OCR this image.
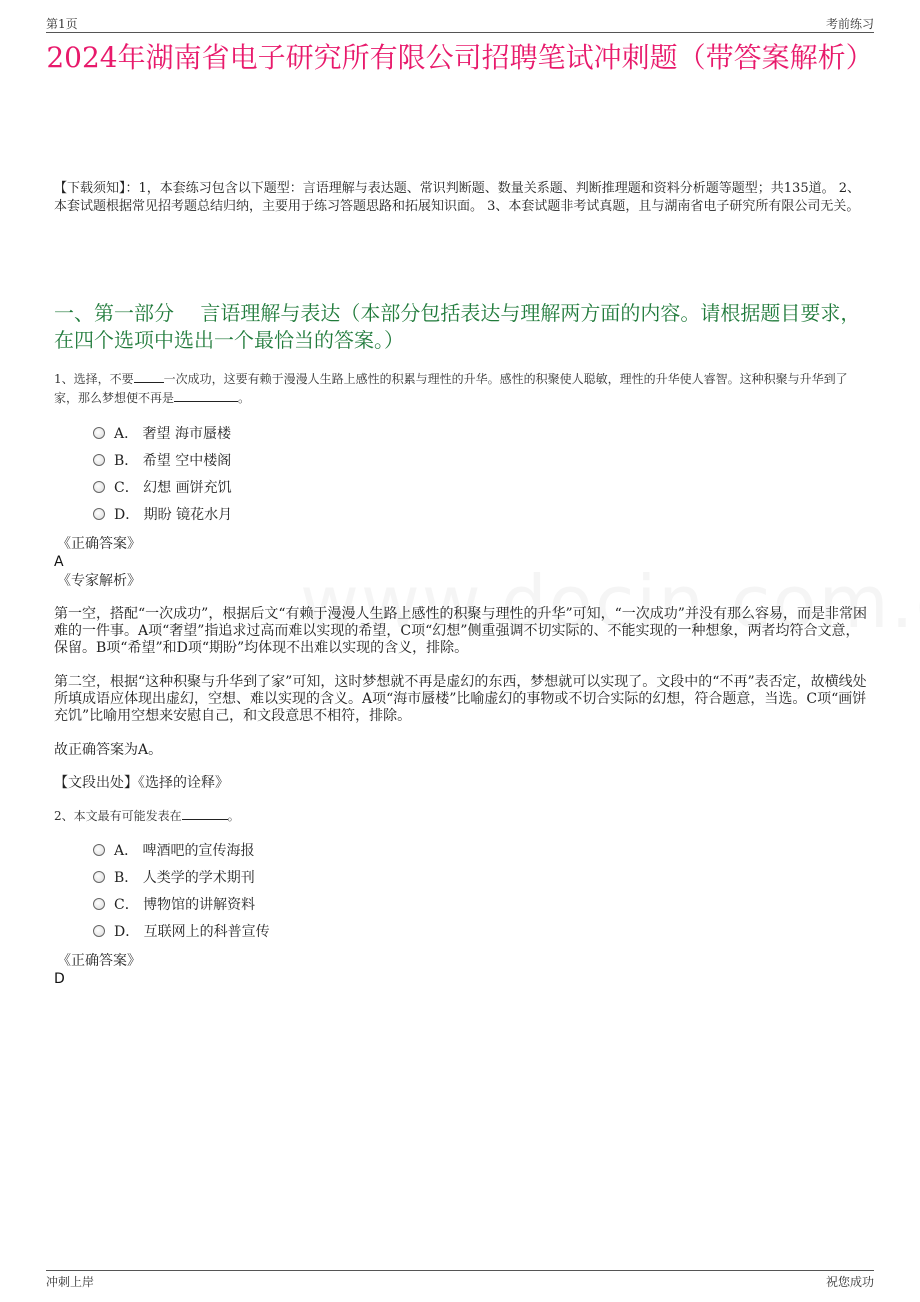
第1页	考前练习
2024年湖南省电子研究所有限公司招聘笔试冲刺题（带答案解析）
【下载须知】：1，本套练习包含以下题型：言语理解与表达题、常识判断题、数量关系题、判断推理题和资料分析题等题型；共135道。 2、本套试题根据常见招考题总结归纳，主要用于练习答题思路和拓展知识面。 3、本套试题非考试真题，且与湖南省电子研究所有限公司无关。
一、第一部分　 言语理解与表达（本部分包括表达与理解两方面的内容。请根据题目要求，在四个选项中选出一个最恰当的答案。）
1、选择，不要	一次成功，这要有赖于漫漫人生路上感性的积累与理性的升华。感性的积聚使人聪敏，理性的升华使人睿智。这种积聚与升华到了家，那么梦想便不再是	。
A． 奢望 海市蜃楼
B． 希望 空中楼阁
C． 幻想 画饼充饥
D． 期盼 镜花水月
《正确答案》
A
《专家解析》
第一空，搭配“一次成功”，根据后文“有赖于漫漫人生路上感性的积聚与理性的升华”可知，“一次成功”并没有那么容易，而是非常困难的一件事。A项“奢望”指追求过高而难以实现的希望，C项“幻想”侧重强调不切实际的、不能实现的一种想象，两者均符合文意，保留。B项“希望”和D项“期盼”均体现不出难以实现的含义，排除。
第二空，根据“这种积聚与升华到了家”可知，这时梦想就不再是虚幻的东西，梦想就可以实现了。文段中的“不再”表否定，故横线处所填成语应体现出虚幻，空想、难以实现的含义。A项“海市蜃楼”比喻虚幻的事物或不切合实际的幻想，符合题意，当选。C项“画饼充饥”比喻用空想来安慰自己，和文段意思不相符，排除。
故正确答案为A。
【文段出处】《选择的诠释》
2、本文最有可能发表在	。
A． 啤酒吧的宣传海报
B． 人类学的学术期刊
C． 博物馆的讲解资料
D． 互联网上的科普宣传
《正确答案》
D
冲刺上岸	祝您成功
